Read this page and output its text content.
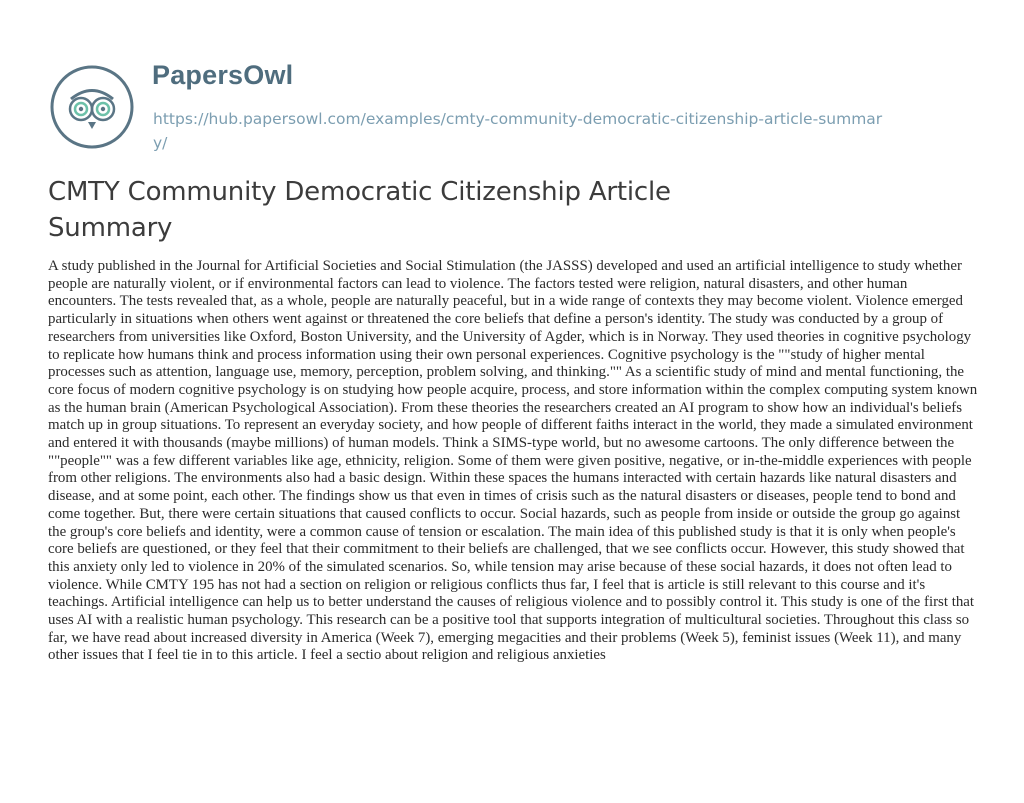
PapersOwl
https://hub.papersowl.com/examples/cmty-community-democratic-citizenship-article-summary/
CMTY Community Democratic Citizenship Article Summary

A study published in the Journal for Artificial Societies and Social Stimulation (the JASSS) developed and used an artificial intelligence to study whether people are naturally violent, or if environmental factors can lead to violence. The factors tested were religion, natural disasters, and other human encounters. The tests revealed that, as a whole, people are naturally peaceful, but in a wide range of contexts they may become violent. Violence emerged particularly in situations when others went against or threatened the core beliefs that define a person's identity. The study was conducted by a group of researchers from universities like Oxford, Boston University, and the University of Agder, which is in Norway. They used theories in cognitive psychology to replicate how humans think and process information using their own personal experiences. Cognitive psychology is the ""study of higher mental processes such as attention, language use, memory, perception, problem solving, and thinking."" As a scientific study of mind and mental functioning, the core focus of modern cognitive psychology is on studying how people acquire, process, and store information within the complex computing system known as the human brain (American Psychological Association). From these theories the researchers created an AI program to show how an individual's beliefs match up in group situations. To represent an everyday society, and how people of different faiths interact in the world, they made a simulated environment and entered it with thousands (maybe millions) of human models. Think a SIMS-type world, but no awesome cartoons. The only difference between the ""people"" was a few different variables like age, ethnicity, religion. Some of them were given positive, negative, or in-the-middle experiences with people from other religions. The environments also had a basic design. Within these spaces the humans interacted with certain hazards like natural disasters and disease, and at some point, each other. The findings show us that even in times of crisis such as the natural disasters or diseases, people tend to bond and come together. But, there were certain situations that caused conflicts to occur. Social hazards, such as people from inside or outside the group go against the group's core beliefs and identity, were a common cause of tension or escalation. The main idea of this published study is that it is only when people's core beliefs are questioned, or they feel that their commitment to their beliefs are challenged, that we see conflicts occur. However, this study showed that this anxiety only led to violence in 20% of the simulated scenarios. So, while tension may arise because of these social hazards, it does not often lead to violence. While CMTY 195 has not had a section on religion or religious conflicts thus far, I feel that is article is still relevant to this course and it's teachings. Artificial intelligence can help us to better understand the causes of religious violence and to possibly control it. This study is one of the first that uses AI with a realistic human psychology. This research can be a positive tool that supports integration of multicultural societies. Throughout this class so far, we have read about increased diversity in America (Week 7), emerging megacities and their problems (Week 5), feminist issues (Week 11), and many other issues that I feel tie in to this article. I feel a sectio about religion and religious anxieties
